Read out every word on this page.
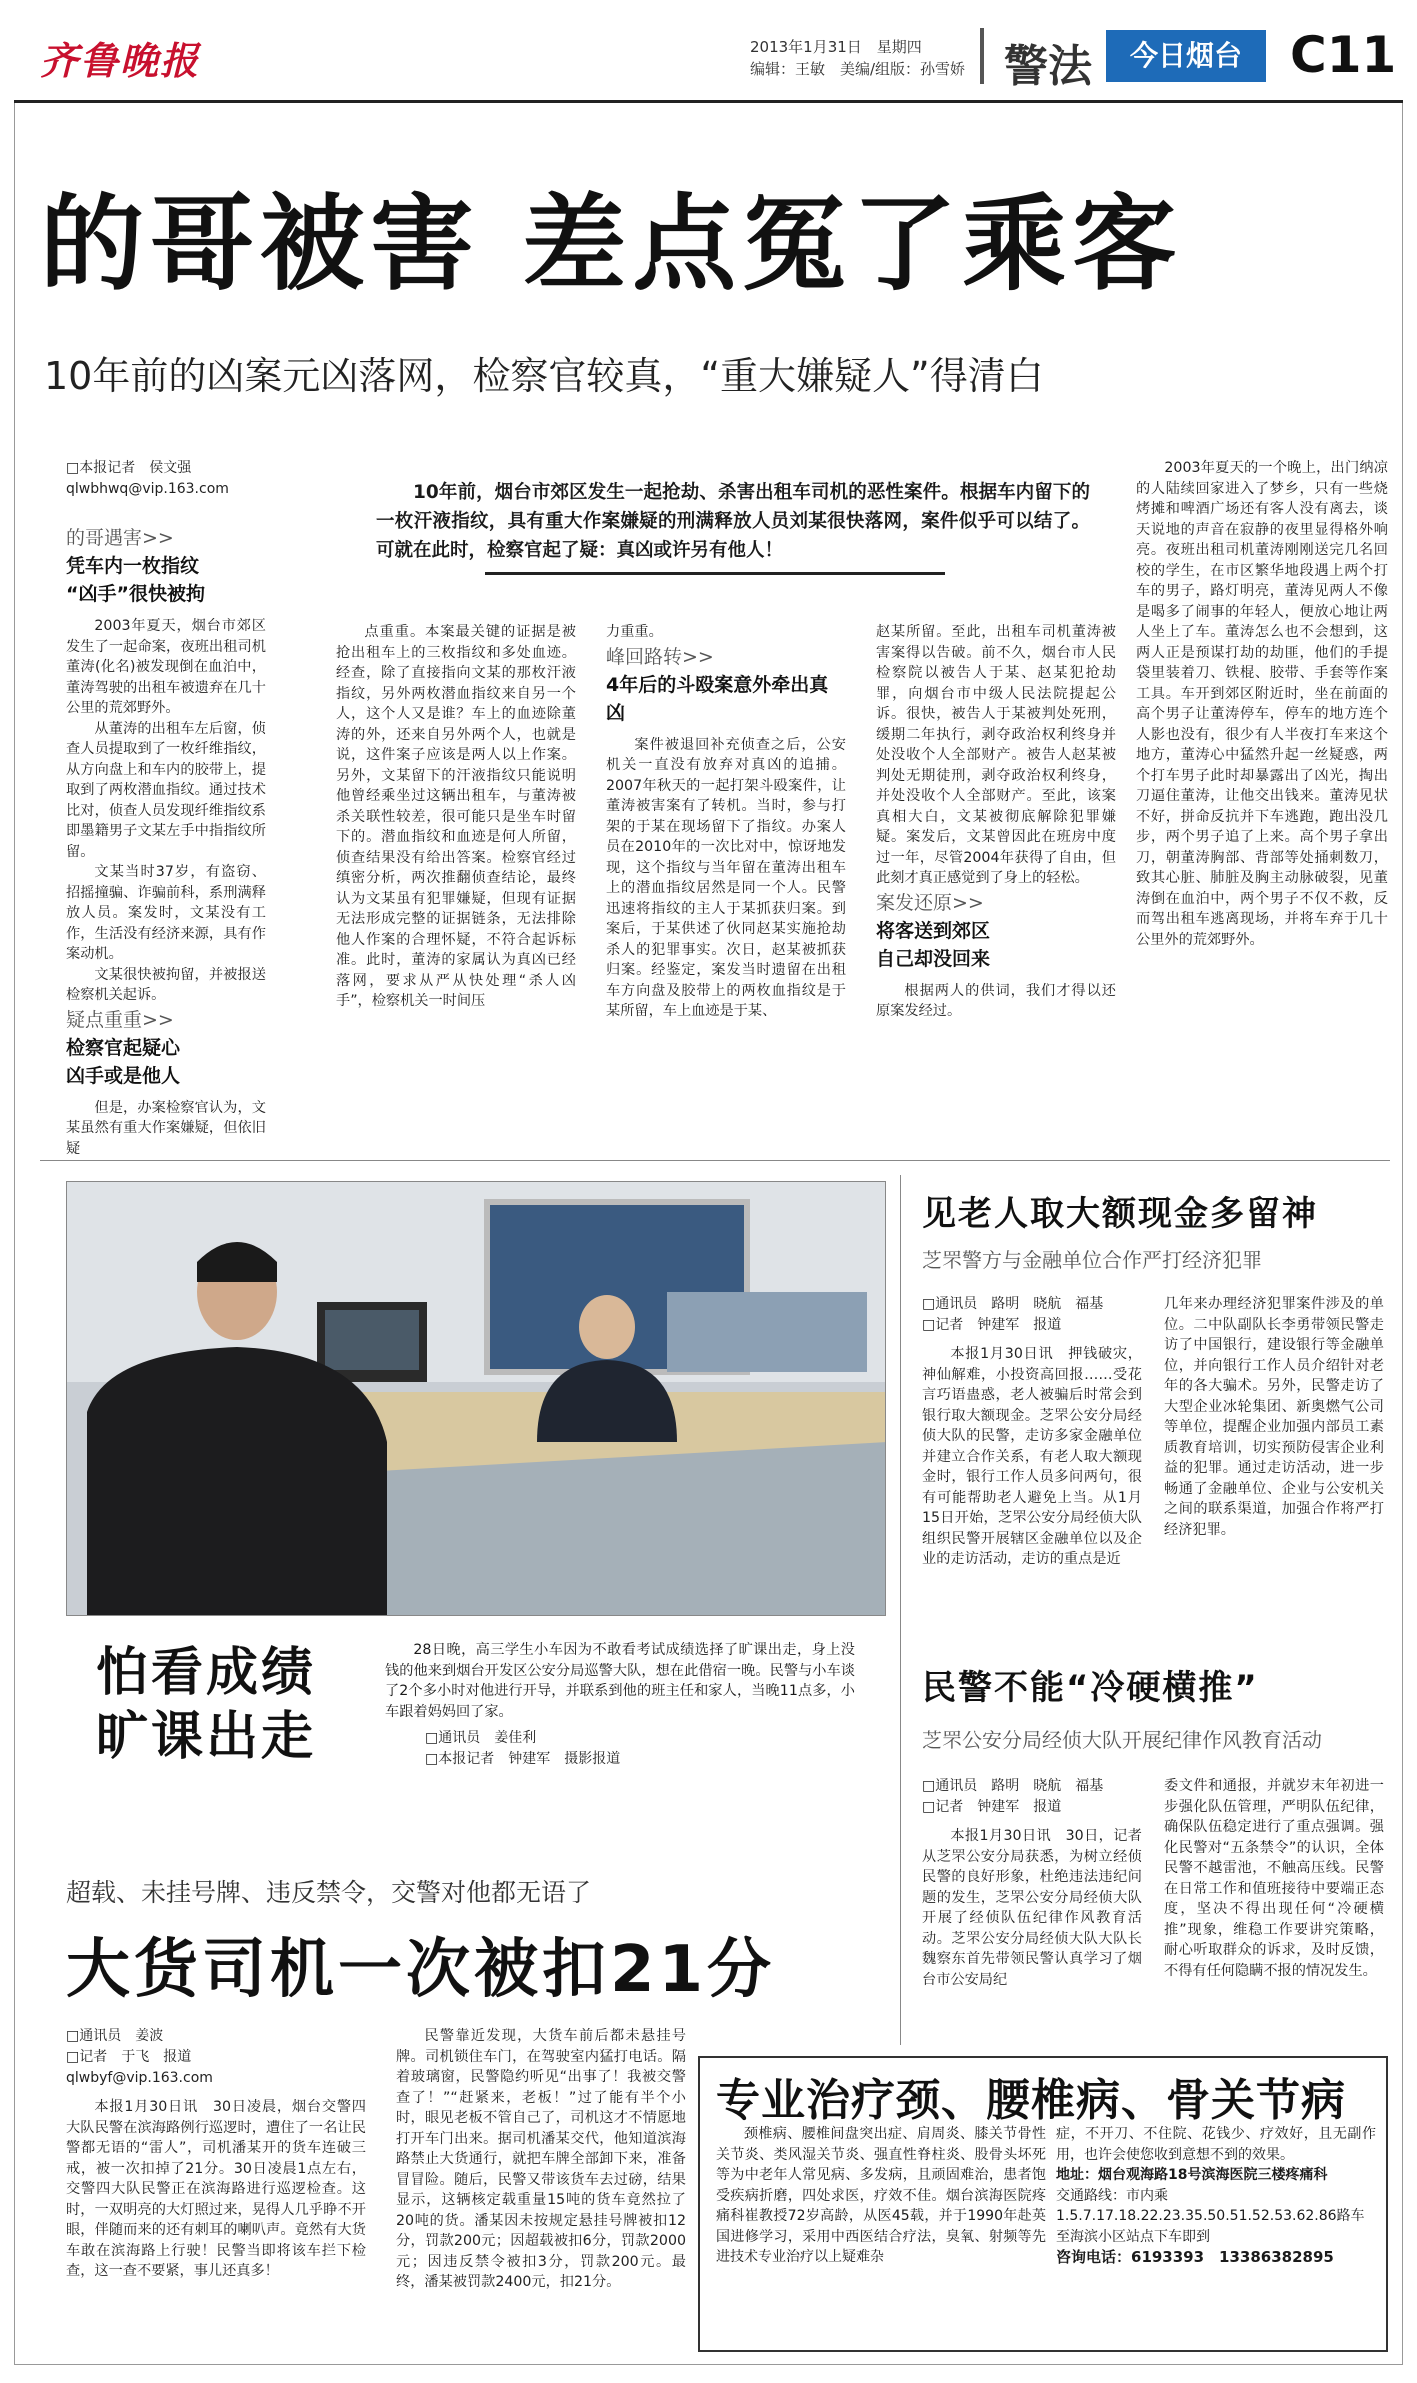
齐鲁晚报	2013年1月31日　星期四
编辑：王敏　美编/组版：孙雪娇 警法	今日烟台 C11
的哥被害 差点冤了乘客
10年前的凶案元凶落网，检察官较真，“重大嫌疑人”得清白
10年前，烟台市郊区发生一起抢劫、杀害出租车司机的恶性案件。根据车内留下的一枚汗液指纹，具有重大作案嫌疑的刑满释放人员刘某很快落网，案件似乎可以结了。可就在此时，检察官起了疑：真凶或许另有他人！
□本报记者　侯文强
qlwbhwq@vip.163.com
的哥遇害>>
凭车内一枚指纹
“凶手”很快被拘
2003年夏天，烟台市郊区发生了一起命案，夜班出租司机董涛(化名)被发现倒在血泊中，董涛驾驶的出租车被遗弃在几十公里的荒郊野外。
从董涛的出租车左后窗，侦查人员提取到了一枚纤维指纹，从方向盘上和车内的胶带上，提取到了两枚潜血指纹。通过技术比对，侦查人员发现纤维指纹系即墨籍男子文某左手中指指纹所留。
文某当时37岁，有盗窃、招摇撞骗、诈骗前科，系刑满释放人员。案发时，文某没有工作，生活没有经济来源，具有作案动机。
文某很快被拘留，并被报送检察机关起诉。
疑点重重>>
检察官起疑心
凶手或是他人
但是，办案检察官认为，文某虽然有重大作案嫌疑，但依旧疑
点重重。本案最关键的证据是被抢出租车上的三枚指纹和多处血迹。经查，除了直接指向文某的那枚汗液指纹，另外两枚潜血指纹来自另一个人，这个人又是谁？车上的血迹除董涛的外，还来自另外两个人，也就是说，这件案子应该是两人以上作案。另外，文某留下的汗液指纹只能说明他曾经乘坐过这辆出租车，与董涛被杀关联性较差，很可能只是坐车时留下的。潜血指纹和血迹是何人所留，侦查结果没有给出答案。检察官经过缜密分析，两次推翻侦查结论，最终认为文某虽有犯罪嫌疑，但现有证据无法形成完整的证据链条，无法排除他人作案的合理怀疑，不符合起诉标准。此时，董涛的家属认为真凶已经落网，要求从严从快处理“杀人凶手”，检察机关一时间压
力重重。
峰回路转>>
4年后的斗殴案意外牵出真凶
案件被退回补充侦查之后，公安机关一直没有放弃对真凶的追捕。2007年秋天的一起打架斗殴案件，让董涛被害案有了转机。当时，参与打架的于某在现场留下了指纹。办案人员在2010年的一次比对中，惊讶地发现，这个指纹与当年留在董涛出租车上的潜血指纹居然是同一个人。民警迅速将指纹的主人于某抓获归案。到案后，于某供述了伙同赵某实施抢劫杀人的犯罪事实。次日，赵某被抓获归案。经鉴定，案发当时遗留在出租车方向盘及胶带上的两枚血指纹是于某所留，车上血迹是于某、
赵某所留。至此，出租车司机董涛被害案得以告破。前不久，烟台市人民检察院以被告人于某、赵某犯抢劫罪，向烟台市中级人民法院提起公诉。很快，被告人于某被判处死刑，缓期二年执行，剥夺政治权利终身并处没收个人全部财产。被告人赵某被判处无期徒刑，剥夺政治权利终身，并处没收个人全部财产。至此，该案真相大白，文某被彻底解除犯罪嫌疑。案发后，文某曾因此在班房中度过一年，尽管2004年获得了自由，但此刻才真正感觉到了身上的轻松。
案发还原>>
将客送到郊区
自己却没回来
根据两人的供词，我们才得以还原案发经过。
2003年夏天的一个晚上，出门纳凉的人陆续回家进入了梦乡，只有一些烧烤摊和啤酒广场还有客人没有离去，谈天说地的声音在寂静的夜里显得格外响亮。夜班出租司机董涛刚刚送完几名回校的学生，在市区繁华地段遇上两个打车的男子，路灯明亮，董涛见两人不像是喝多了闹事的年轻人，便放心地让两人坐上了车。董涛怎么也不会想到，这两人正是预谋打劫的劫匪，他们的手提袋里装着刀、铁棍、胶带、手套等作案工具。车开到郊区附近时，坐在前面的高个男子让董涛停车，停车的地方连个人影也没有，很少有人半夜打车来这个地方，董涛心中猛然升起一丝疑惑，两个打车男子此时却暴露出了凶光，掏出刀逼住董涛，让他交出钱来。董涛见状不好，拼命反抗并下车逃跑，跑出没几步，两个男子追了上来。高个男子拿出刀，朝董涛胸部、背部等处捅刺数刀，致其心脏、肺脏及胸主动脉破裂，见董涛倒在血泊中，两个男子不仅不救，反而驾出租车逃离现场，并将车弃于几十公里外的荒郊野外。
怕看成绩
旷课出走
28日晚，高三学生小车因为不敢看考试成绩选择了旷课出走，身上没钱的他来到烟台开发区公安分局巡警大队，想在此借宿一晚。民警与小车谈了2个多小时对他进行开导，并联系到他的班主任和家人，当晚11点多，小车跟着妈妈回了家。
□通讯员　姜佳利
□本报记者　钟建军　摄影报道
见老人取大额现金多留神
芝罘警方与金融单位合作严打经济犯罪
□通讯员　路明　晓航　福基
□记者　钟建军　报道
本报1月30日讯　押钱破灾，神仙解难，小投资高回报……受花言巧语蛊惑，老人被骗后时常会到银行取大额现金。芝罘公安分局经侦大队的民警，走访多家金融单位并建立合作关系，有老人取大额现金时，银行工作人员多问两句，很有可能帮助老人避免上当。从1月15日开始，芝罘公安分局经侦大队组织民警开展辖区金融单位以及企业的走访活动，走访的重点是近
几年来办理经济犯罪案件涉及的单位。二中队副队长李勇带领民警走访了中国银行，建设银行等金融单位，并向银行工作人员介绍针对老年的各大骗术。另外，民警走访了大型企业冰轮集团、新奥燃气公司等单位，提醒企业加强内部员工素质教育培训，切实预防侵害企业利益的犯罪。通过走访活动，进一步畅通了金融单位、企业与公安机关之间的联系渠道，加强合作将严打经济犯罪。
民警不能“冷硬横推”
芝罘公安分局经侦大队开展纪律作风教育活动
□通讯员　路明　晓航　福基
□记者　钟建军　报道
本报1月30日讯　30日，记者从芝罘公安分局获悉，为树立经侦民警的良好形象，杜绝违法违纪问题的发生，芝罘公安分局经侦大队开展了经侦队伍纪律作风教育活动。芝罘公安分局经侦大队大队长魏察东首先带领民警认真学习了烟台市公安局纪
委文件和通报，并就岁末年初进一步强化队伍管理，严明队伍纪律，确保队伍稳定进行了重点强调。强化民警对“五条禁令”的认识，全体民警不越雷池，不触高压线。民警在日常工作和值班接待中要端正态度，坚决不得出现任何“冷硬横推”现象，维稳工作要讲究策略，耐心听取群众的诉求，及时反馈，不得有任何隐瞒不报的情况发生。
超载、未挂号牌、违反禁令，交警对他都无语了
大货司机一次被扣21分
□通讯员　姜波
□记者　于飞　报道
qlwbyf@vip.163.com
本报1月30日讯　30日凌晨，烟台交警四大队民警在滨海路例行巡逻时，遭住了一名让民警都无语的“雷人”，司机潘某开的货车连破三戒，被一次扣掉了21分。30日凌晨1点左右，交警四大队民警正在滨海路进行巡逻检查。这时，一双明亮的大灯照过来，晃得人几乎睁不开眼，伴随而来的还有刺耳的喇叭声。竟然有大货车敢在滨海路上行驶！民警当即将该车拦下检查，这一查不要紧，事儿还真多！
民警靠近发现，大货车前后都未悬挂号牌。司机锁住车门，在驾驶室内猛打电话。隔着玻璃窗，民警隐约听见“出事了！我被交警查了！”“赶紧来，老板！”过了能有半个小时，眼见老板不管自己了，司机这才不情愿地打开车门出来。据司机潘某交代，他知道滨海路禁止大货通行，就把车牌全部卸下来，准备冒冒险。随后，民警又带该货车去过磅，结果显示，这辆核定载重量15吨的货车竟然拉了20吨的货。潘某因未按规定悬挂号牌被扣12分，罚款200元；因超载被扣6分，罚款2000元；因违反禁令被扣3分，罚款200元。最终，潘某被罚款2400元，扣21分。
专业治疗颈、腰椎病、骨关节病
颈椎病、腰椎间盘突出症、肩周炎、膝关节骨性关节炎、类风湿关节炎、强直性脊柱炎、股骨头坏死等为中老年人常见病、多发病，且顽固难治，患者饱受疾病折磨，四处求医，疗效不佳。烟台滨海医院疼痛科崔教授72岁高龄，从医45载，并于1990年赴英国进修学习，采用中西医结合疗法，臭氧、射频等先进技术专业治疗以上疑难杂
症，不开刀、不住院、花钱少、疗效好，且无副作用，也许会使您收到意想不到的效果。
地址：烟台观海路18号滨海医院三楼疼痛科
交通路线：市内乘1.5.7.17.18.22.23.35.50.51.52.53.62.86路车至海滨小区站点下车即到
咨询电话：6193393　13386382895
